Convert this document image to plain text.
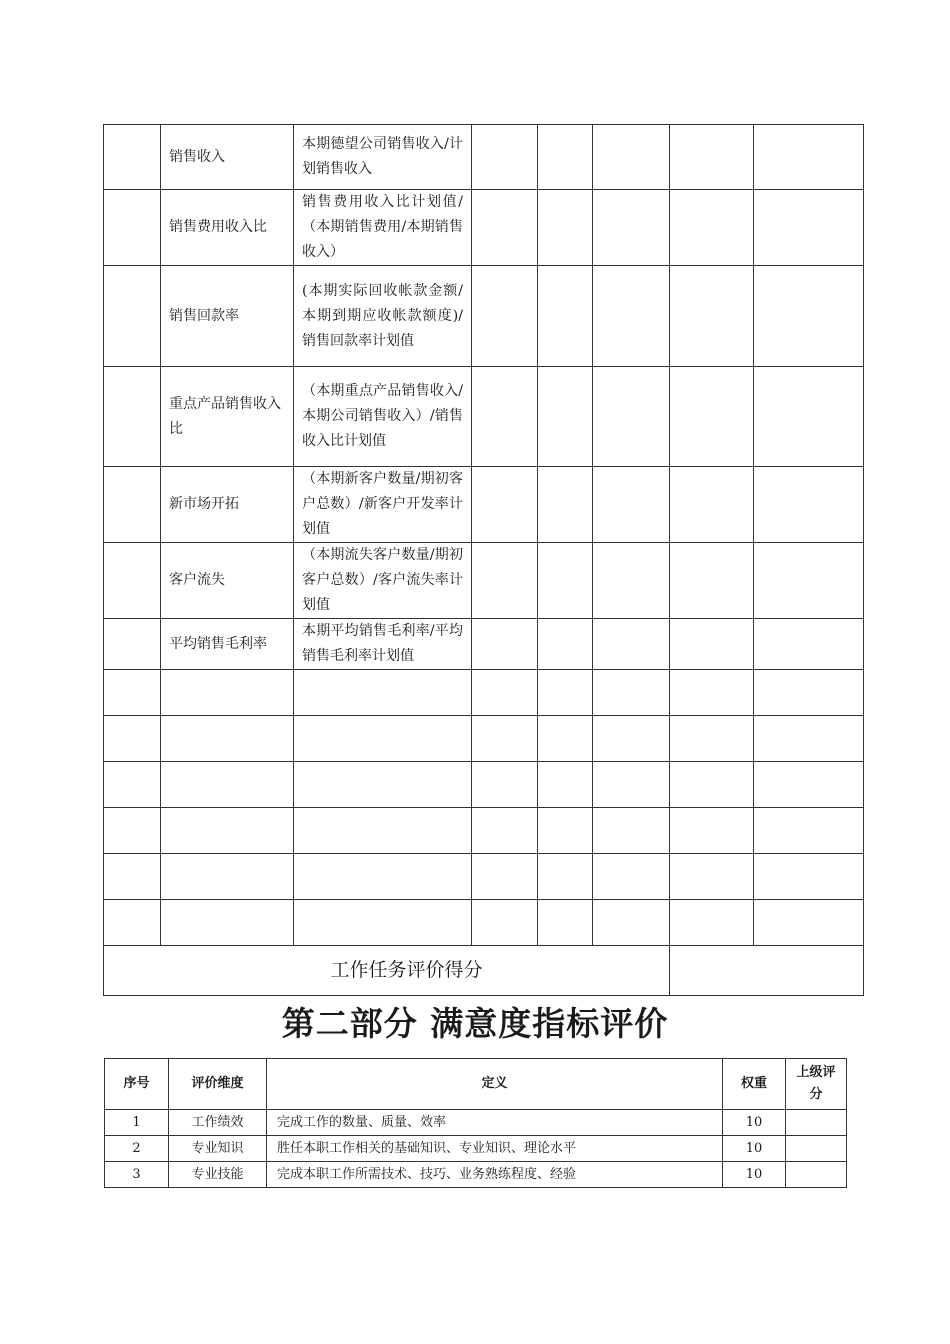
	销售收入	本期德望公司销售收入/计划销售收入					
	销售费用收入比	销售费用收入比计划值/（本期销售费用/本期销售收入）					
	销售回款率	(本期实际回收帐款金额/本期到期应收帐款额度)/销售回款率计划值					
	重点产品销售收入比	（本期重点产品销售收入/本期公司销售收入）/销售收入比计划值					
	新市场开拓	（本期新客户数量/期初客户总数）/新客户开发率计划值					
	客户流失	（本期流失客户数量/期初客户总数）/客户流失率计划值					
	平均销售毛利率	本期平均销售毛利率/平均销售毛利率计划值					

工作任务评价得分							
第二部分 满意度指标评价
序号	评价维度	定义	权重	上级评分
1	工作绩效	完成工作的数量、质量、效率	10	
2	专业知识	胜任本职工作相关的基础知识、专业知识、理论水平	10	
3	专业技能	完成本职工作所需技术、技巧、业务熟练程度、经验	10	
